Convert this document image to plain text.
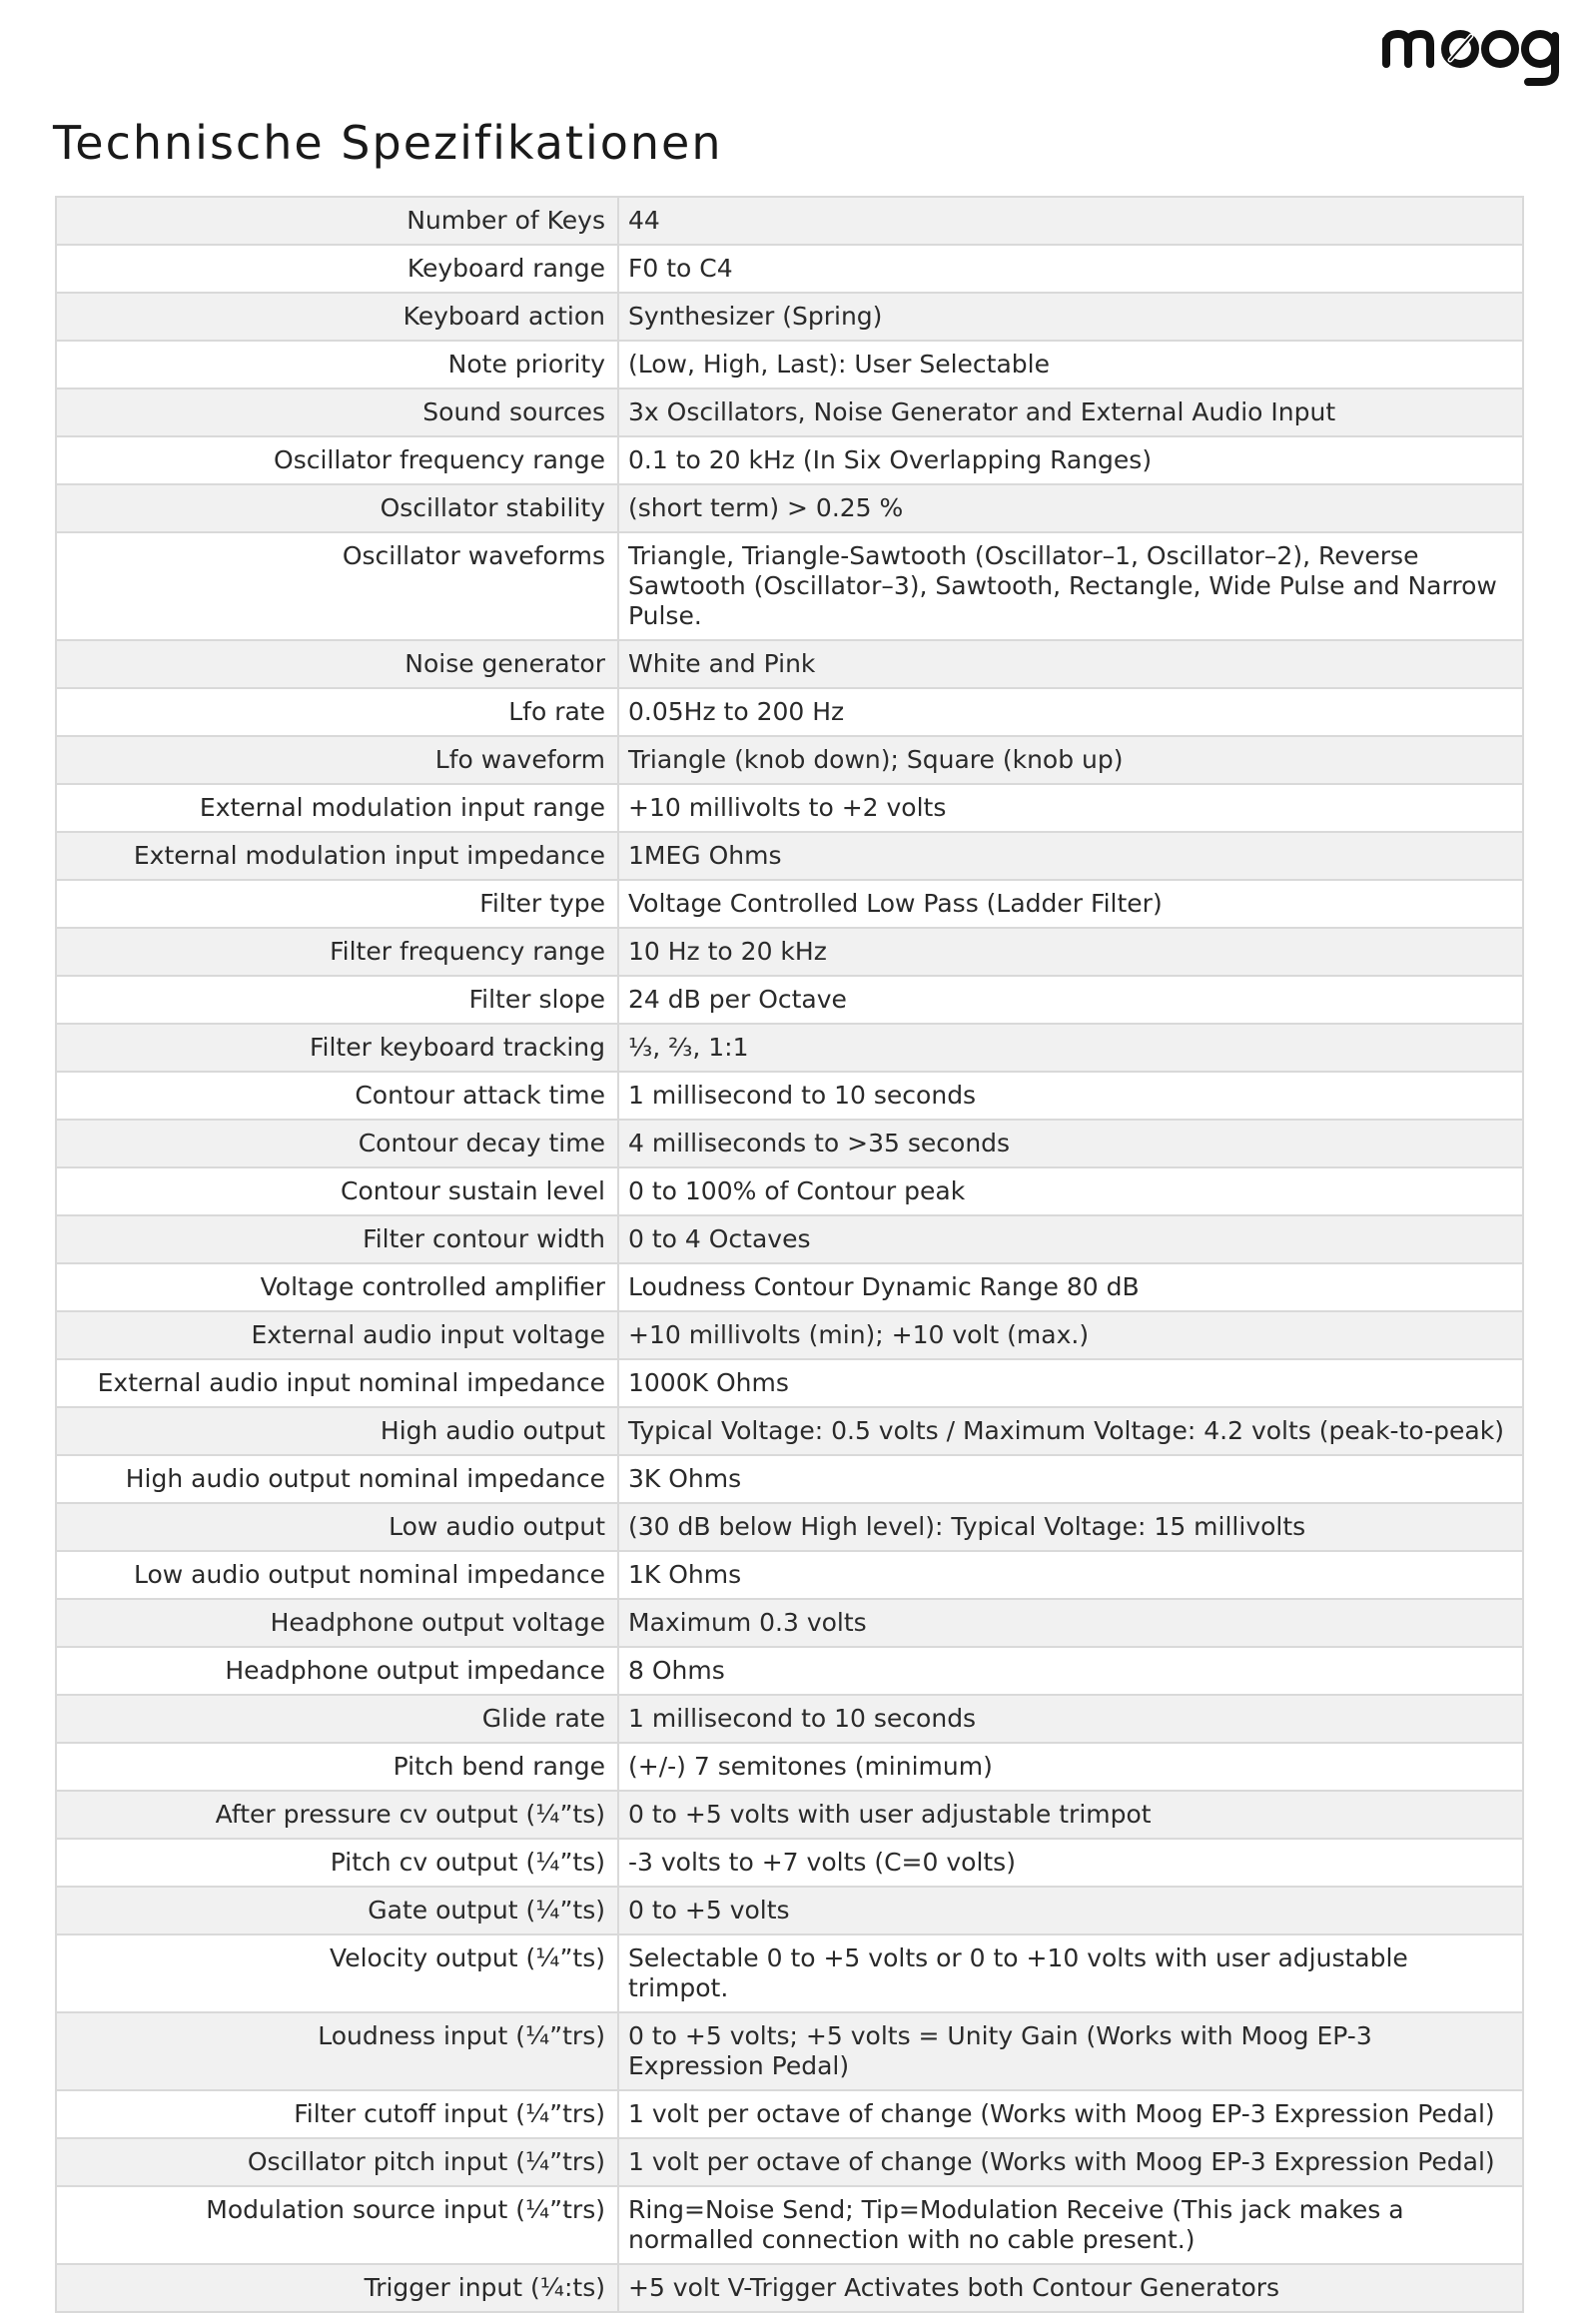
Technische Spezifikationen
Number of Keys	44
Keyboard range	F0 to C4
Keyboard action	Synthesizer (Spring)
Note priority	(Low, High, Last): User Selectable
Sound sources	3x Oscillators, Noise Generator and External Audio Input
Oscillator frequency range	0.1 to 20 kHz (In Six Overlapping Ranges)
Oscillator stability	(short term) > 0.25 %
Oscillator waveforms	Triangle, Triangle-Sawtooth (Oscillator–1, Oscillator–2), Reverse Sawtooth (Oscillator–3), Sawtooth, Rectangle, Wide Pulse and Narrow Pulse.
Noise generator	White and Pink
Lfo rate	0.05Hz to 200 Hz
Lfo waveform	Triangle (knob down); Square (knob up)
External modulation input range	+10 millivolts to +2 volts
External modulation input impedance	1MEG Ohms
Filter type	Voltage Controlled Low Pass (Ladder Filter)
Filter frequency range	10 Hz to 20 kHz
Filter slope	24 dB per Octave
Filter keyboard tracking	⅓, ⅔, 1:1
Contour attack time	1 millisecond to 10 seconds
Contour decay time	4 milliseconds to >35 seconds
Contour sustain level	0 to 100% of Contour peak
Filter contour width	0 to 4 Octaves
Voltage controlled amplifier	Loudness Contour Dynamic Range 80 dB
External audio input voltage	+10 millivolts (min); +10 volt (max.)
External audio input nominal impedance	1000K Ohms
High audio output	Typical Voltage: 0.5 volts / Maximum Voltage: 4.2 volts (peak-to-peak)
High audio output nominal impedance	3K Ohms
Low audio output	(30 dB below High level): Typical Voltage: 15 millivolts
Low audio output nominal impedance	1K Ohms
Headphone output voltage	Maximum 0.3 volts
Headphone output impedance	8 Ohms
Glide rate	1 millisecond to 10 seconds
Pitch bend range	(+/-) 7 semitones (minimum)
After pressure cv output (¼”ts)	0 to +5 volts with user adjustable trimpot
Pitch cv output (¼”ts)	-3 volts to +7 volts (C=0 volts)
Gate output (¼”ts)	0 to +5 volts
Velocity output (¼”ts)	Selectable 0 to +5 volts or 0 to +10 volts with user adjustable trimpot.
Loudness input (¼”trs)	0 to +5 volts; +5 volts = Unity Gain (Works with Moog EP-3 Expression Pedal)
Filter cutoff input (¼”trs)	1 volt per octave of change (Works with Moog EP-3 Expression Pedal)
Oscillator pitch input (¼”trs)	1 volt per octave of change (Works with Moog EP-3 Expression Pedal)
Modulation source input (¼”trs)	Ring=Noise Send; Tip=Modulation Receive (This jack makes a normalled connection with no cable present.)
Trigger input (¼:ts)	+5 volt V-Trigger Activates both Contour Generators
